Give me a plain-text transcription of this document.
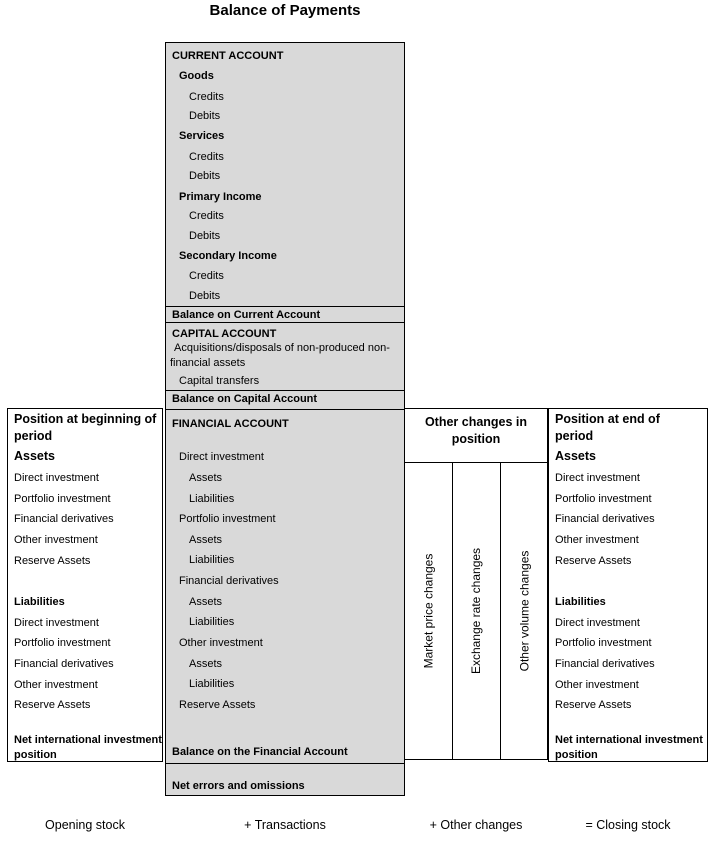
Balance of Payments
CURRENT ACCOUNT
Goods
Credits
Debits
Services
Credits
Debits
Primary Income
Credits
Debits
Secondary Income
Credits
Debits
Balance on Current Account
CAPITAL ACCOUNT
Acquisitions/disposals of non-produced non-financial assets
Capital transfers
Balance on Capital Account
FINANCIAL ACCOUNT
Direct investment
Assets
Liabilities
Portfolio investment
Assets
Liabilities
Financial derivatives
Assets
Liabilities
Other investment
Assets
Liabilities
Reserve Assets
Balance on the Financial Account
Net errors and omissions
Position at beginning of period
Assets
Direct investment
Portfolio investment
Financial derivatives
Other investment
Reserve Assets
Liabilities
Direct investment
Portfolio investment
Financial derivatives
Other investment
Reserve Assets
Net international investment position
Other changes in position
Market price changes	Exchange rate changes	Other volume changes
Position at end of period
Assets
Direct investment
Portfolio investment
Financial derivatives
Other investment
Reserve Assets
Liabilities
Direct investment
Portfolio investment
Financial derivatives
Other investment
Reserve Assets
Net international investment position
Opening stock	+ Transactions	+ Other changes	= Closing stock
